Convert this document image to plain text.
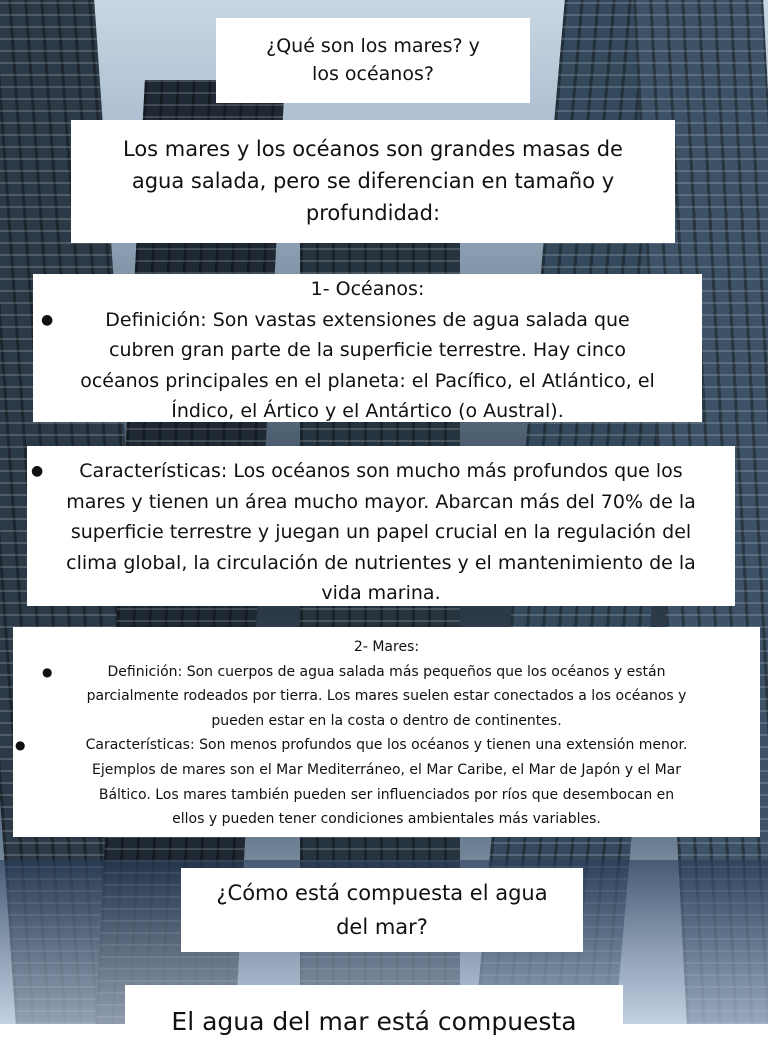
¿Qué son los mares? y

los océanos?

Los mares y los océanos son grandes masas de

agua salada, pero se diferencian en tamaño y

profundidad:

1- Océanos:

●	Definición: Son vastas extensiones de agua salada que

cubren gran parte de la superficie terrestre. Hay cinco

océanos principales en el planeta: el Pacífico, el Atlántico, el

Índico, el Ártico y el Antártico (o Austral).

●	Características: Los océanos son mucho más profundos que los

mares y tienen un área mucho mayor. Abarcan más del 70% de la

superficie terrestre y juegan un papel crucial en la regulación del

clima global, la circulación de nutrientes y el mantenimiento de la

vida marina.

2- Mares:

●	Definición: Son cuerpos de agua salada más pequeños que los océanos y están

parcialmente rodeados por tierra. Los mares suelen estar conectados a los océanos y

pueden estar en la costa o dentro de continentes.

●	Características: Son menos profundos que los océanos y tienen una extensión menor.

Ejemplos de mares son el Mar Mediterráneo, el Mar Caribe, el Mar de Japón y el Mar

Báltico. Los mares también pueden ser influenciados por ríos que desembocan en

ellos y pueden tener condiciones ambientales más variables.

¿Cómo está compuesta el agua

del mar?

El agua del mar está compuesta
